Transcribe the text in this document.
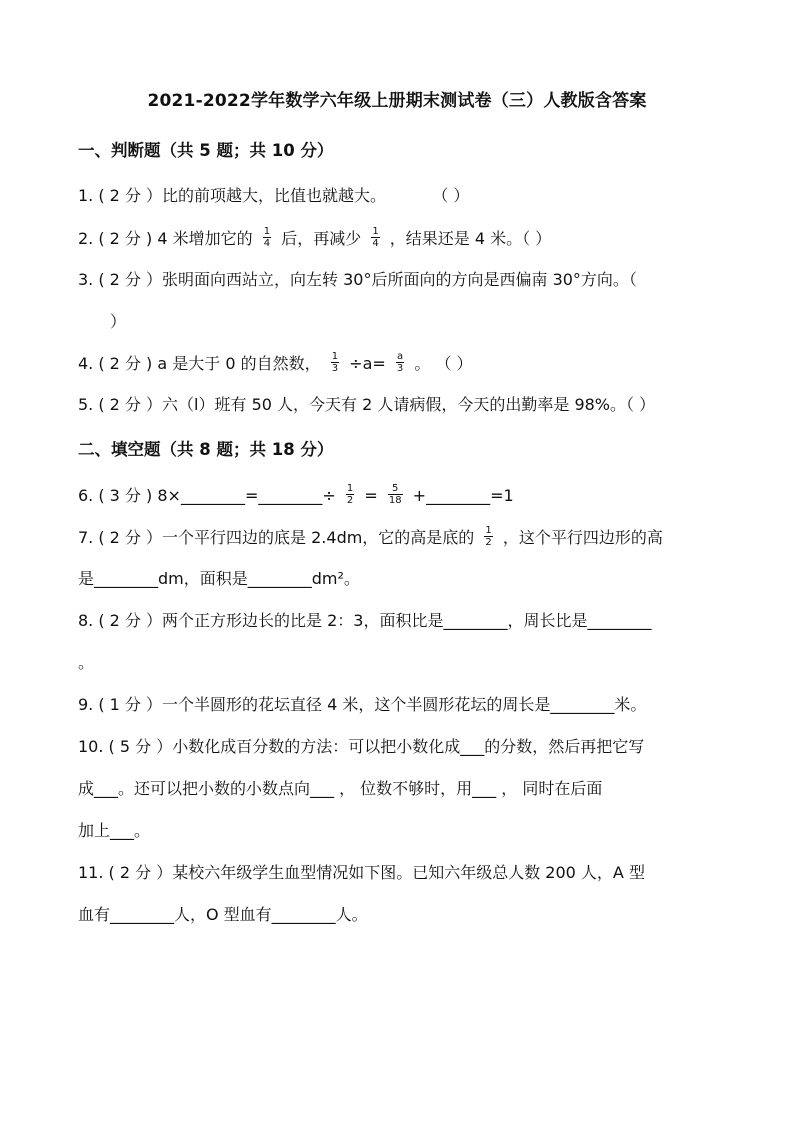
2021-2022学年数学六年级上册期末测试卷（三）人教版含答案
一、判断题（共 5 题；共 10 分）
1. ( 2 分 ）比的前项越大，比值也就越大。	（ ）
2. ( 2 分 ) 4 米增加它的 $\frac{1}{4}$ 后，再减少 $\frac{1}{4}$ ，结果还是 4 米。（ ）
3. ( 2 分 ）张明面向西站立，向左转 30°后所面向的方向是西偏南 30°方向。（
）
4. ( 2 分 ) a 是大于 0 的自然数， $\frac{1}{3} \div a= \frac{a}{3}$ 。 （ ）
5. ( 2 分 ）六（l）班有 50 人，今天有 2 人请病假，今天的出勤率是 98%。（ ）
二、填空题（共 8 题；共 18 分）
6. ( 3 分 ) 8×________=________÷ $\frac{1}{2} = \frac{5}{18}$ +________=1
7. ( 2 分 ）一个平行四边的底是 2.4dm，它的高是底的 $\frac{1}{2}$ ，这个平行四边形的高
是________dm，面积是________dm²。
8. ( 2 分 ）两个正方形边长的比是 2：3，面积比是________，周长比是________
。
9. ( 1 分 ）一个半圆形的花坛直径 4 米，这个半圆形花坛的周长是________米。
10. ( 5 分 ）小数化成百分数的方法：可以把小数化成___的分数，然后再把它写
成___。还可以把小数的小数点向___ ， 位数不够时，用___ ， 同时在后面
加上___。
11. ( 2 分 ）某校六年级学生血型情况如下图。已知六年级总人数 200 人，A 型
血有________人，O 型血有________人。
